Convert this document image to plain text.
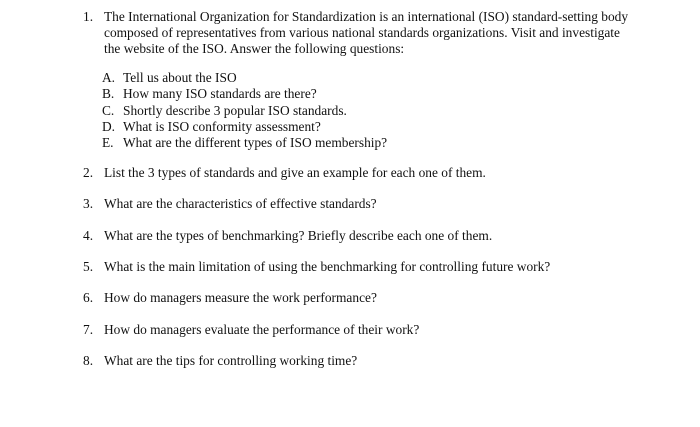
1. The International Organization for Standardization is an international (ISO) standard-setting body composed of representatives from various national standards organizations. Visit and investigate the website of the ISO. Answer the following questions:
A. Tell us about the ISO
B. How many ISO standards are there?
C. Shortly describe 3 popular ISO standards.
D. What is ISO conformity assessment?
E. What are the different types of ISO membership?
2. List the 3 types of standards and give an example for each one of them.
3. What are the characteristics of effective standards?
4. What are the types of benchmarking? Briefly describe each one of them.
5. What is the main limitation of using the benchmarking for controlling future work?
6. How do managers measure the work performance?
7. How do managers evaluate the performance of their work?
8. What are the tips for controlling working time?
